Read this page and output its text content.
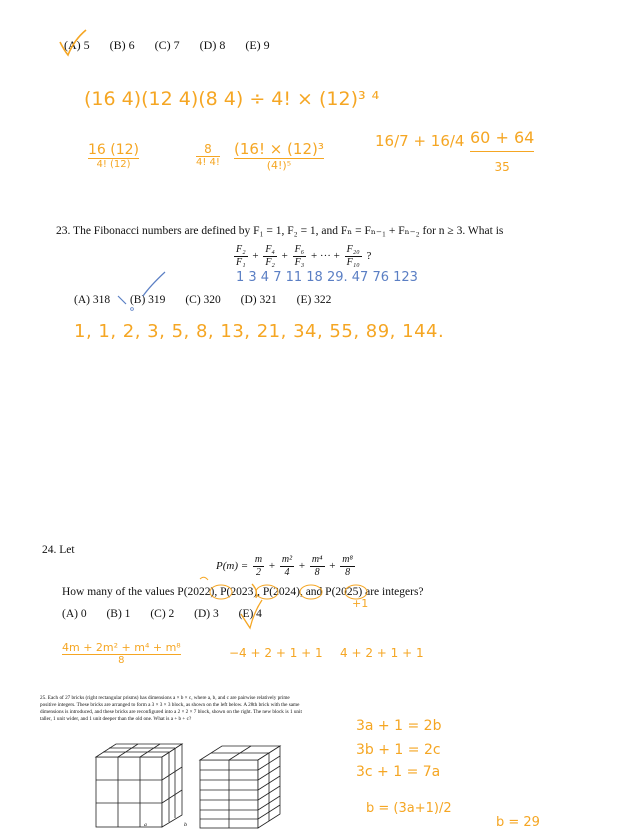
(A) 5 (B) 6 (C) 7 (D) 8 (E) 9
(16 4)(12 4)(8 4) ÷ 4! × (12)³ ⁴
16 (12)
4! (12)
8
4! 4!
(16! × (12)³
(4!)⁵
16/7 + 16/4 60 + 64
35
23. The Fibonacci numbers are defined by F₁ = 1, F₂ = 1, and Fₙ = Fₙ₋₁ + Fₙ₋₂ for n ≥ 3. What is
$\frac{\text{F₂}}{\text{F₁}} + \frac{\text{F₄}}{\text{F₂}} + \frac{\text{F₆}}{\text{F₃}}$ + ··· + $\frac{\text{F₂₀}}{\text{F₁₀}}$ ?
1 3 4 7 11 18 29. 47 76 123
(A) 318 (B) 319 (C) 320 (D) 321 (E) 322
1, 1, 2, 3, 5, 8, 13, 21, 34, 55, 89, 144.
24. Let
$P(m) = \frac{m}{2} + \frac{\text{m²}}{4} + \frac{\text{m⁴}}{8} + \frac{\text{m⁸}}{8}$
How many of the values P(2022), P(2023), P(2024), and P(2025) are integers?
(A) 0 (B) 1 (C) 2 (D) 3 (E) 4
4m + 2m² + m⁴ + m⁸
8
−4 + 2 + 1 + 1 4 + 2 + 1 + 1
+1
25. Each of 27 bricks (right rectangular prisms) has dimensions a × b × c, where a, b, and c are pairwise relatively prime positive integers. These bricks are arranged to form a 3 × 3 × 3 block, as shown on the left below. A 28th brick with the same dimensions is introduced, and these bricks are reconfigured into a 2 × 2 × 7 block, shown on the right. The new block is 1 unit taller, 1 unit wider, and 1 unit deeper than the old one. What is a + b + c?	3a + 1 = 2b
3b + 1 = 2c
3c + 1 = 7a
b = (3a+1)/2
b = 29
a	b
